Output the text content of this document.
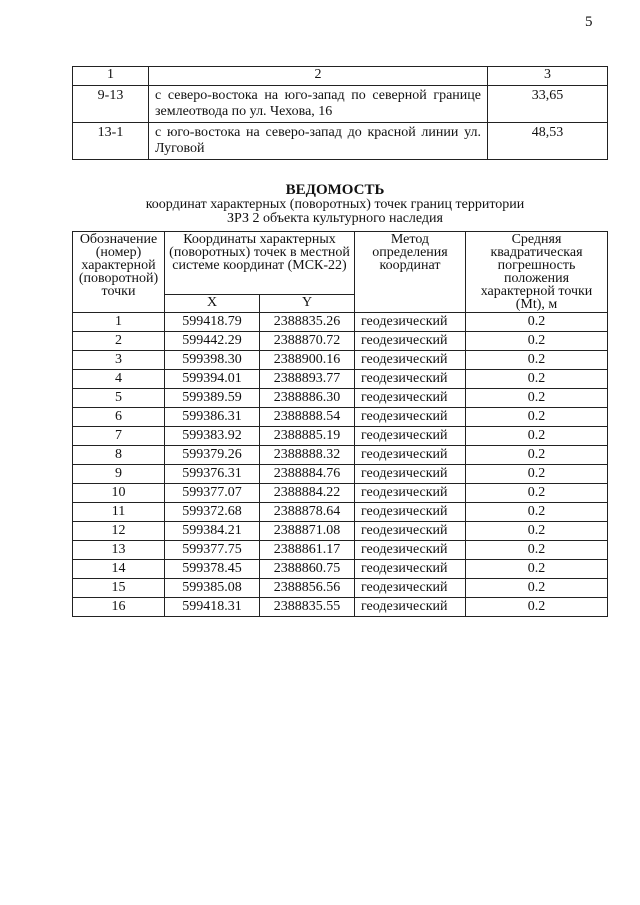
5
1	2	3
9-13	с северо-востока на юго-запад по северной границе землеотвода по ул. Чехова, 16	33,65
13-1	с юго-востока на северо-запад до красной линии ул. Луговой	48,53
ВЕДОМОСТЬ
координат характерных (поворотных) точек границ территории
ЗРЗ 2 объекта культурного наследия
Обозначение (номер) характерной (поворотной) точки	Координаты характерных (поворотных) точек в местной системе координат (МСК-22)		Метод определения координат	Средняя квадратическая погрешность положения характерной точки (Mt), м
	X	Y		
1	599418.79	2388835.26	геодезический	0.2
2	599442.29	2388870.72	геодезический	0.2
3	599398.30	2388900.16	геодезический	0.2
4	599394.01	2388893.77	геодезический	0.2
5	599389.59	2388886.30	геодезический	0.2
6	599386.31	2388888.54	геодезический	0.2
7	599383.92	2388885.19	геодезический	0.2
8	599379.26	2388888.32	геодезический	0.2
9	599376.31	2388884.76	геодезический	0.2
10	599377.07	2388884.22	геодезический	0.2
11	599372.68	2388878.64	геодезический	0.2
12	599384.21	2388871.08	геодезический	0.2
13	599377.75	2388861.17	геодезический	0.2
14	599378.45	2388860.75	геодезический	0.2
15	599385.08	2388856.56	геодезический	0.2
16	599418.31	2388835.55	геодезический	0.2
